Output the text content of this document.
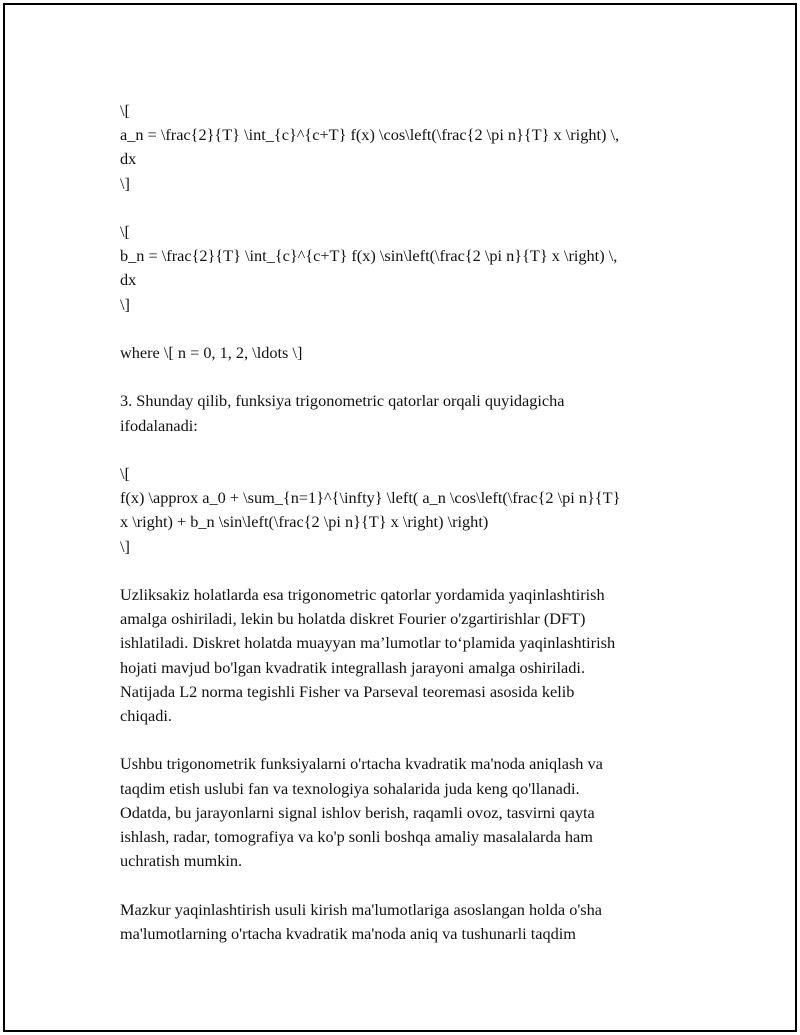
\[
a_n = \frac{2}{T} \int_{c}^{c+T} f(x) \cos\left(\frac{2 \pi n}{T} x \right) \,
dx
\]
\[
b_n = \frac{2}{T} \int_{c}^{c+T} f(x) \sin\left(\frac{2 \pi n}{T} x \right) \,
dx
\]
where \[ n = 0, 1, 2, \ldots \]
3. Shunday qilib, funksiya trigonometric qatorlar orqali quyidagicha
ifodalanadi:
\[
f(x) \approx a_0 + \sum_{n=1}^{\infty} \left( a_n \cos\left(\frac{2 \pi n}{T}
x \right) + b_n \sin\left(\frac{2 \pi n}{T} x \right) \right)
\]
Uzliksakiz holatlarda esa trigonometric qatorlar yordamida yaqinlashtirish
amalga oshiriladi, lekin bu holatda diskret Fourier o'zgartirishlar (DFT)
ishlatiladi. Diskret holatda muayyan ma’lumotlar to‘plamida yaqinlashtirish
hojati mavjud bo'lgan kvadratik integrallash jarayoni amalga oshiriladi.
Natijada L2 norma tegishli Fisher va Parseval teoremasi asosida kelib
chiqadi.
Ushbu trigonometrik funksiyalarni o'rtacha kvadratik ma'noda aniqlash va
taqdim etish uslubi fan va texnologiya sohalarida juda keng qo'llanadi.
Odatda, bu jarayonlarni signal ishlov berish, raqamli ovoz, tasvirni qayta
ishlash, radar, tomografiya va ko'p sonli boshqa amaliy masalalarda ham
uchratish mumkin.
Mazkur yaqinlashtirish usuli kirish ma'lumotlariga asoslangan holda o'sha
ma'lumotlarning o'rtacha kvadratik ma'noda aniq va tushunarli taqdim
